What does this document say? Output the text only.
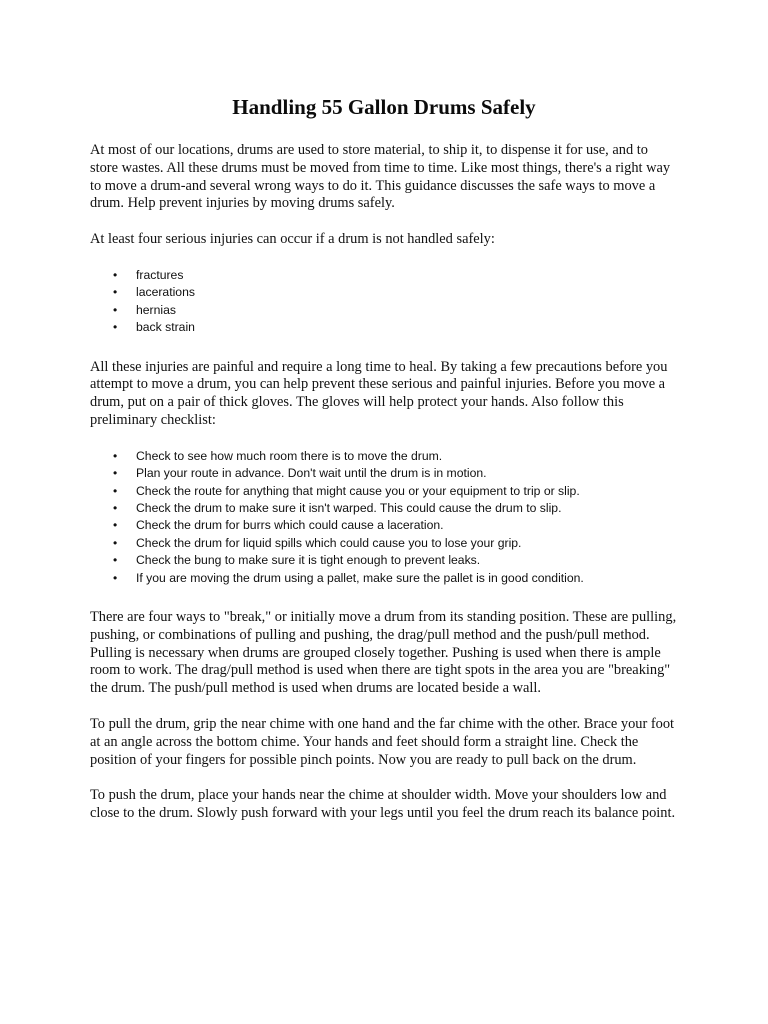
Handling 55 Gallon Drums Safely

At most of our locations, drums are used to store material, to ship it, to dispense it for use, and to store wastes. All these drums must be moved from time to time. Like most things, there's a right way to move a drum-and several wrong ways to do it. This guidance discusses the safe ways to move a drum. Help prevent injuries by moving drums safely.

At least four serious injuries can occur if a drum is not handled safely:

• fractures
• lacerations
• hernias
• back strain

All these injuries are painful and require a long time to heal. By taking a few precautions before you attempt to move a drum, you can help prevent these serious and painful injuries. Before you move a drum, put on a pair of thick gloves. The gloves will help protect your hands. Also follow this preliminary checklist:

• Check to see how much room there is to move the drum.
• Plan your route in advance. Don't wait until the drum is in motion.
• Check the route for anything that might cause you or your equipment to trip or slip.
• Check the drum to make sure it isn't warped. This could cause the drum to slip.
• Check the drum for burrs which could cause a laceration.
• Check the drum for liquid spills which could cause you to lose your grip.
• Check the bung to make sure it is tight enough to prevent leaks.
• If you are moving the drum using a pallet, make sure the pallet is in good condition.

There are four ways to "break," or initially move a drum from its standing position. These are pulling, pushing, or combinations of pulling and pushing, the drag/pull method and the push/pull method. Pulling is necessary when drums are grouped closely together. Pushing is used when there is ample room to work. The drag/pull method is used when there are tight spots in the area you are "breaking" the drum. The push/pull method is used when drums are located beside a wall.

To pull the drum, grip the near chime with one hand and the far chime with the other. Brace your foot at an angle across the bottom chime. Your hands and feet should form a straight line. Check the position of your fingers for possible pinch points. Now you are ready to pull back on the drum.

To push the drum, place your hands near the chime at shoulder width. Move your shoulders low and close to the drum. Slowly push forward with your legs until you feel the drum reach its balance point.
